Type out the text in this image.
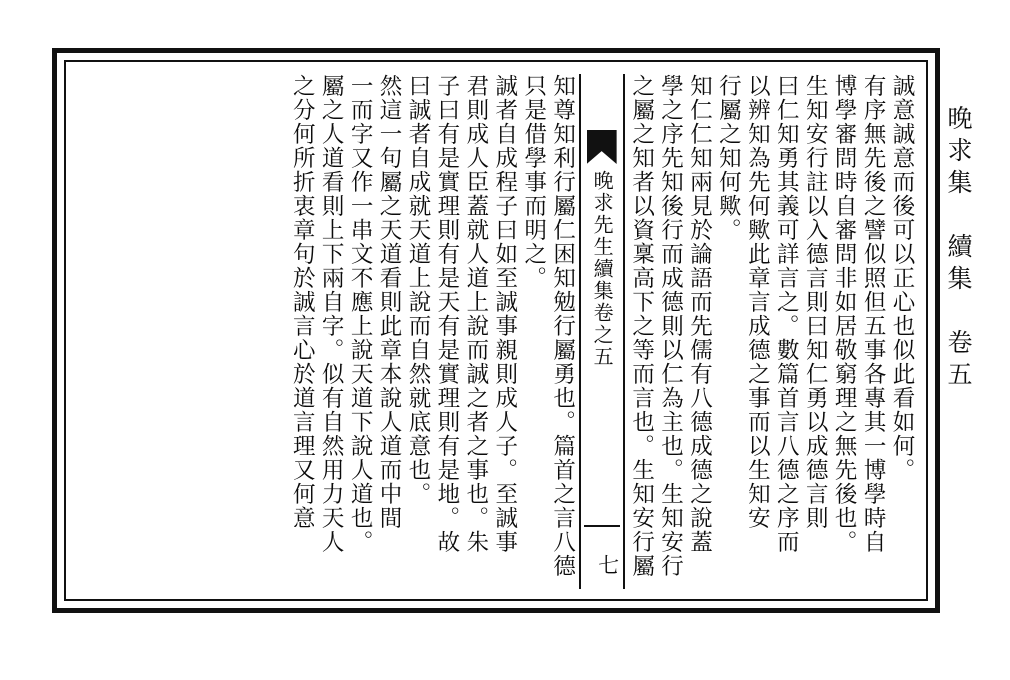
晚求集　續集　卷五
誠意誠意而後可以正心也似此看如何。
有序無先後之譬似照但五事各專其一博學時自
博學審問時自審問非如居敬窮理之無先後也。
生知安行註以入德言則曰知仁勇以成德言則
曰仁知勇其義可詳言之。數篇首言八德之序而
以辨知為先何歟此章言成德之事而以生知安
行屬之知何歟。
知仁仁知兩見於論語而先儒有八德成德之說蓋
學之序先知後行而成德則以仁為主也。生知安行
之屬之知者以資稟高下之等而言也。生知安行屬
晚求先生續集卷之五
七
知尊知利行屬仁困知勉行屬勇也。篇首之言八德
只是借學事而明之。
誠者自成程子曰如至誠事親則成人子。至誠事
君則成人臣蓋就人道上說而誠之者之事也。朱
子曰有是實理則有是天有是實理則有是地。故
曰誠者自成就天道上說而自然就底意也。
然這一句屬之天道看則此章本說人道而中間
一而字又作一串文不應上說天道下說人道也。
屬之人道看則上下兩自字。似有自然用力天人
之分何所折衷章句於誠言心於道言理又何意
